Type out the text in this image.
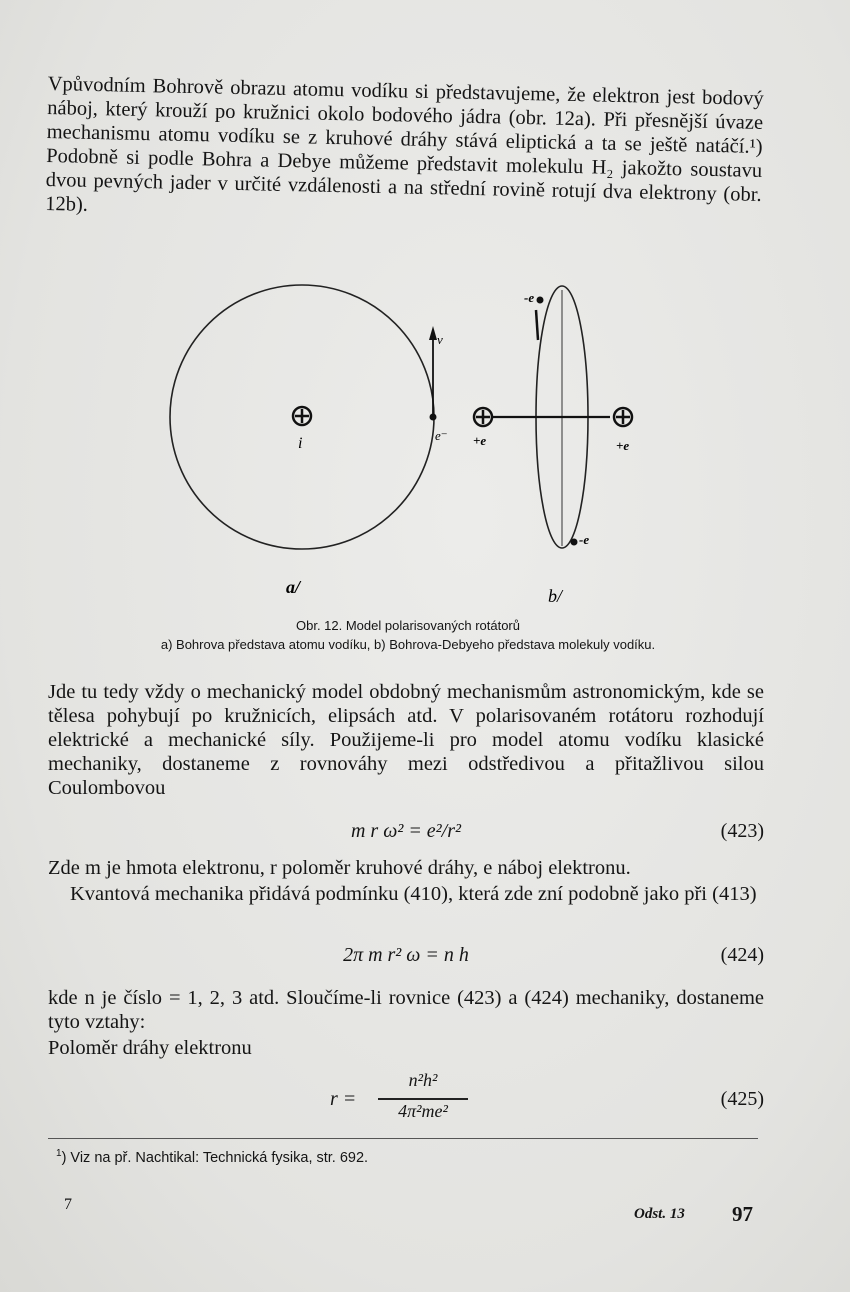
Vpůvodním Bohrově obrazu atomu vodíku si představujeme, že elektron jest bodový náboj, který krouží po kružnici okolo bodového jádra (obr. 12a). Při přesnější úvaze mechanismu atomu vodíku se z kruhové dráhy stává eliptická a ta se ještě natáčí.¹) Podobně si podle Bohra a Debye můžeme představit molekulu H₂ jakožto soustavu dvou pevných jader v určité vzdálenosti a na střední rovině rotují dva elektrony (obr. 12b).

i	e⁻
v
+e	+e
-e
-e
a/	b/
Obr. 12. Model polarisovaných rotátorů
a) Bohrova představa atomu vodíku, b) Bohrova-Debyeho představa molekuly vodíku.

Jde tu tedy vždy o mechanický model obdobný mechanismům astronomickým, kde se tělesa pohybují po kružnicích, elipsách atd. V polarisovaném rotátoru rozhodují elektrické a mechanické síly. Použijeme-li pro model atomu vodíku klasické mechaniky, dostaneme z rovnováhy mezi odstředivou a přitažlivou silou Coulombovou

m r ω² = e²/r²	(423)

Zde m je hmota elektronu, r poloměr kruhové dráhy, e náboj elektronu.

Kvantová mechanika přidává podmínku (410), která zde zní podobně jako při (413)

2π m r² ω = n h	(424)

kde n je číslo = 1, 2, 3 atd. Sloučíme-li rovnice (423) a (424) mechaniky, dostaneme tyto vztahy:

Poloměr dráhy elektronu

r =
n²h²
4π²me²
(425)
$^1$) Viz na př. Nachtikal: Technická fysika, str. 692.
7
Odst. 13 97
